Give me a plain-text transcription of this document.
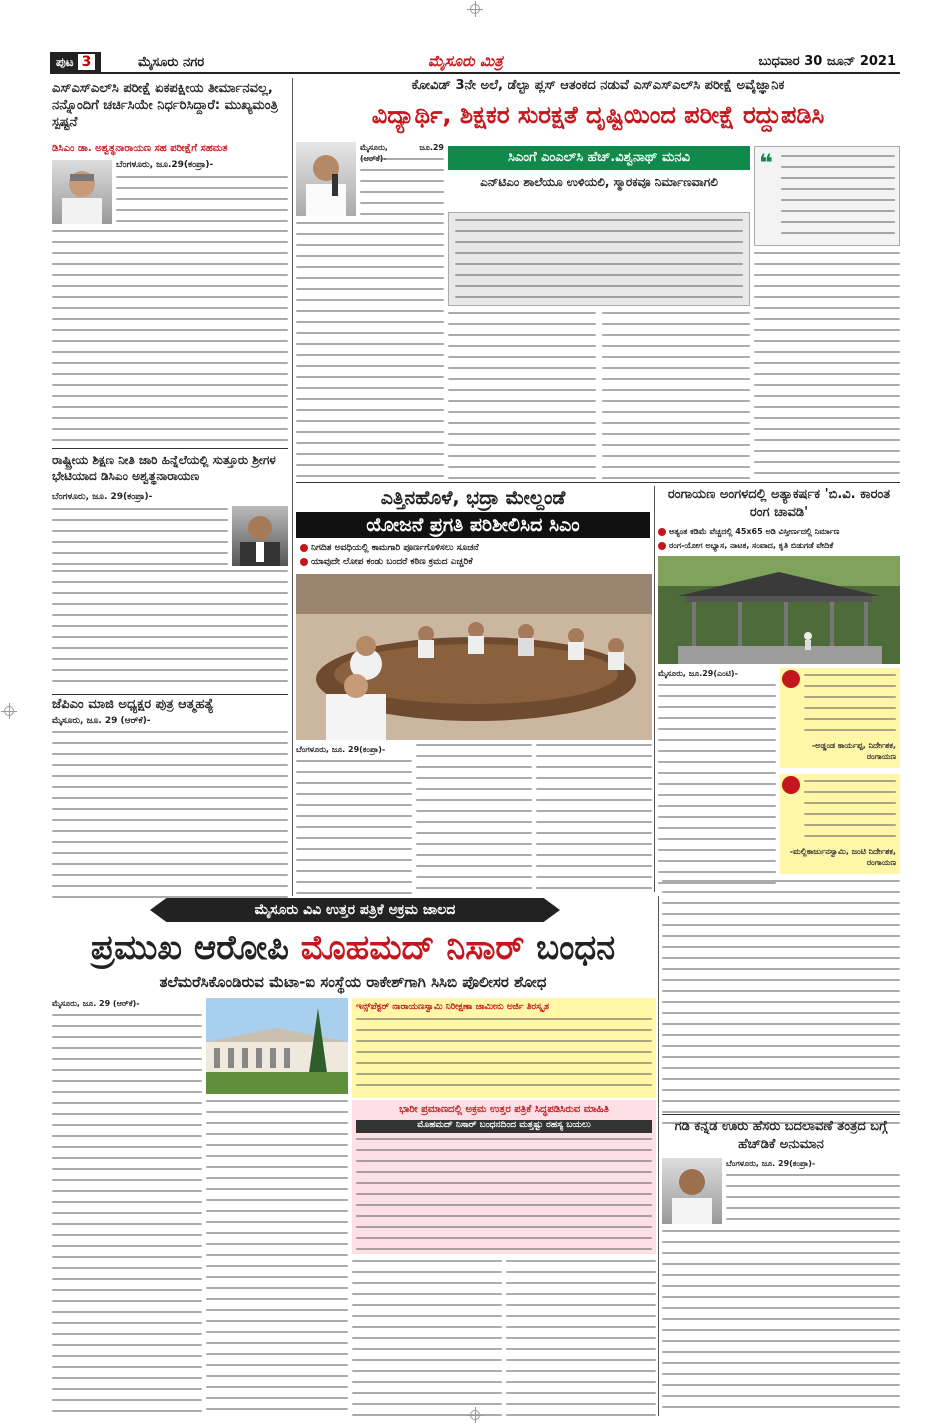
ಪುಟ 3	ಮೈಸೂರು ನಗರ	ಮೈಸೂರು ಮಿತ್ರ	ಬುಧವಾರ 30 ಜೂನ್ 2021
ಎಸ್‌ಎಸ್‌ಎಲ್‌ಸಿ ಪರೀಕ್ಷೆ ಏಕಪಕ್ಷೀಯ ತೀರ್ಮಾನವಲ್ಲ, ನನ್ನೊಂದಿಗೆ ಚರ್ಚಿಸಿಯೇ ನಿರ್ಧರಿಸಿದ್ದಾರೆ: ಮುಖ್ಯಮಂತ್ರಿ ಸ್ಪಷ್ಟನೆ
ಡಿಸಿಎಂ ಡಾ. ಅಶ್ವತ್ಥನಾರಾಯಣ ಸಹ ಪರೀಕ್ಷೆಗೆ ಸಹಮತ
ಬೆಂಗಳೂರು, ಜೂ.29(ಕಂಪ್ರಾ)-
ರಾಷ್ಟ್ರೀಯ ಶಿಕ್ಷಣ ನೀತಿ ಜಾರಿ ಹಿನ್ನೆಲೆಯಲ್ಲಿ ಸುತ್ತೂರು ಶ್ರೀಗಳ ಭೇಟಿಯಾದ ಡಿಸಿಎಂ ಅಶ್ವತ್ಥನಾರಾಯಣ
ಬೆಂಗಳೂರು, ಜೂ. 29(ಕಂಪ್ರಾ)-
ಜೆಪಿಎಂ ಮಾಜಿ ಅಧ್ಯಕ್ಷರ ಪುತ್ರ ಆತ್ಮಹತ್ಯೆ
ಮೈಸೂರು, ಜೂ. 29 (ಆರ್‌ಕೆ)-
ಕೋವಿಡ್ 3ನೇ ಅಲೆ, ಡೆಲ್ಟಾ ಪ್ಲಸ್ ಆತಂಕದ ನಡುವೆ ಎಸ್‌ಎಸ್‌ಎಲ್‌ಸಿ ಪರೀಕ್ಷೆ ಅವೈಜ್ಞಾನಿಕ
ವಿದ್ಯಾರ್ಥಿ, ಶಿಕ್ಷಕರ ಸುರಕ್ಷತೆ ದೃಷ್ಟಿಯಿಂದ ಪರೀಕ್ಷೆ ರದ್ದುಪಡಿಸಿ
ಮೈಸೂರು, ಜೂ.29
ಸಿಎಂಗೆ ಎಂಎಲ್‌ಸಿ ಹೆಚ್.ವಿಶ್ವನಾಥ್ ಮನವಿ
ಎನ್‌ಟಿಎಂ ಶಾಲೆಯೂ ಉಳಿಯಲಿ, ಸ್ಮಾರಕವೂ ನಿರ್ಮಾಣವಾಗಲಿ
❝
ಎತ್ತಿನಹೊಳೆ, ಭದ್ರಾ ಮೇಲ್ದಂಡೆ
ಯೋಜನೆ ಪ್ರಗತಿ ಪರಿಶೀಲಿಸಿದ ಸಿಎಂ
ನಿಗದಿತ ಅವಧಿಯಲ್ಲಿ ಕಾಮಗಾರಿ ಪೂರ್ಣಗೊಳಿಸಲು ಸೂಚನೆ
ಯಾವುದೇ ಲೋಪ ಕಂಡು ಬಂದರೆ ಕಠಿಣ ಕ್ರಮದ ಎಚ್ಚರಿಕೆ
ಬೆಂಗಳೂರು, ಜೂ. 29(ಕಂಪ್ರಾ)-
ರಂಗಾಯಣ ಅಂಗಳದಲ್ಲಿ ಅತ್ಯಾಕರ್ಷಕ 'ಬಿ.ವಿ. ಕಾರಂತ ರಂಗ ಚಾವಡಿ'
ಅತ್ಯಂತ ಕಡಿಮೆ ವೆಚ್ಚದಲ್ಲಿ 45x65 ಅಡಿ ವಿಸ್ತೀರ್ಣದಲ್ಲಿ ನಿರ್ಮಾಣ
ರಂಗ-ಯೋಗ ಅಭ್ಯಾಸ, ನಾಟಕ, ಸಂವಾದ, ಕೃತಿ ಬಿಡುಗಡೆ ವೇದಿಕೆ
ಮೈಸೂರು, ಜೂ.29(ಎಂಟಿ)-
-ಅಡ್ಡಂಡ ಕಾರ್ಯಪ್ಪ, ನಿರ್ದೇಶಕ, ರಂಗಾಯಣ
-ಮಲ್ಲಿಕಾರ್ಜುನಸ್ವಾಮಿ, ಜಂಟಿ ನಿರ್ದೇಶಕ, ರಂಗಾಯಣ
ಮೈಸೂರು ವಿವಿ ಉತ್ತರ ಪತ್ರಿಕೆ ಅಕ್ರಮ ಜಾಲದ
ಪ್ರಮುಖ ಆರೋಪಿ ಮೊಹಮದ್ ನಿಸಾರ್ ಬಂಧನ
ತಲೆಮರೆಸಿಕೊಂಡಿರುವ ಮೆಟಾ-ಐ ಸಂಸ್ಥೆಯ ರಾಕೇಶ್‌ಗಾಗಿ ಸಿಸಿಬಿ ಪೊಲೀಸರ ಶೋಧ
ಮೈಸೂರು, ಜೂ. 29 (ಆರ್‌ಕೆ)-	ಇನ್ಸ್‌ಪೆಕ್ಟರ್ ನಾರಾಯಣಸ್ವಾಮಿ ನಿರೀಕ್ಷಣಾ ಜಾಮೀನು ಅರ್ಜಿ ತಿರಸ್ಕೃತ
ಭಾರೀ ಪ್ರಮಾಣದಲ್ಲಿ ಅಕ್ರಮ ಉತ್ತರ ಪತ್ರಿಕೆ ಸಿದ್ಧಪಡಿಸಿರುವ ಮಾಹಿತಿ
ಮೊಹಮದ್ ನಿಸಾರ್ ಬಂಧನದಿಂದ ಮತ್ತಷ್ಟು ರಹಸ್ಯ ಬಯಲು	ಗಡಿ ಕನ್ನಡ ಊರು ಹೆಸರು ಬದಲಾವಣೆ ತಂತ್ರದ ಬಗ್ಗೆ ಹೆಚ್‌ಡಿಕೆ ಅನುಮಾನ
ಬೆಂಗಳೂರು, ಜೂ. 29(ಕಂಪ್ರಾ)-
